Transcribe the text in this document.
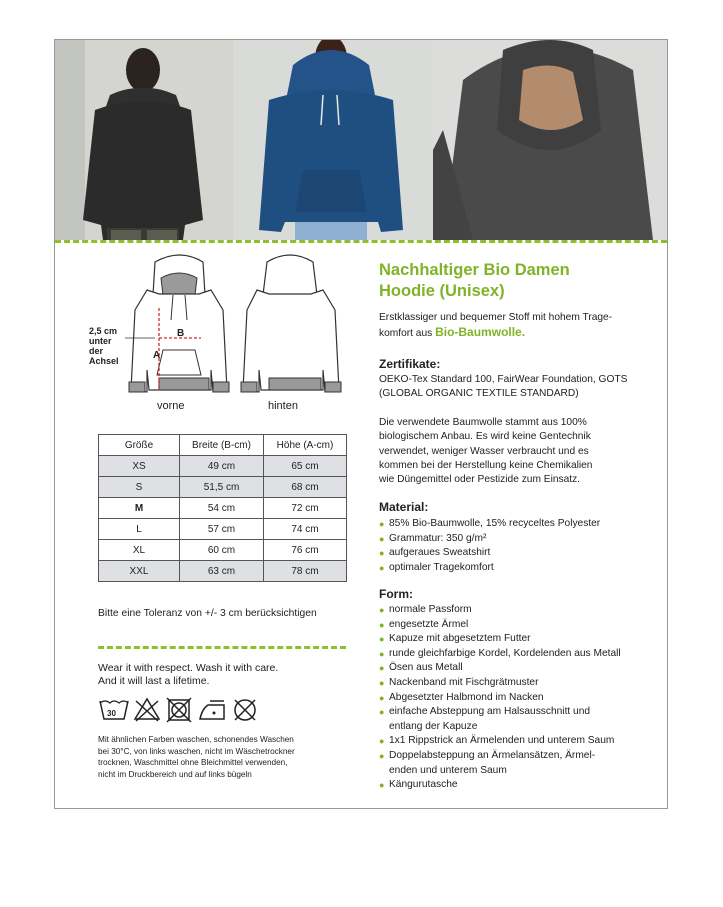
B
A
2,5 cm
unter
der
Achsel
vorne	hinten
Größe	Breite (B-cm)	Höhe (A-cm)
XS	49 cm	65 cm
S	51,5 cm	68 cm
M	54 cm	72 cm
L	57 cm	74 cm
XL	60 cm	76 cm
XXL	63 cm	78 cm
Bitte eine Toleranz von +/- 3 cm berücksichtigen
Wear it with respect. Wash it with care.
And it will last a lifetime.
30
Mit ähnlichen Farben waschen, schonendes Waschen
bei 30°C, von links waschen, nicht im Wäschetrockner
trocknen, Waschmittel ohne Bleichmittel verwenden,
nicht im Druckbereich und auf links bügeln
Nachhaltiger Bio Damen
Hoodie (Unisex)
Erstklassiger und bequemer Stoff mit hohem Trage-
komfort aus Bio-Baumwolle.
Zertifikate:
OEKO-Tex Standard 100, FairWear Foundation, GOTS
(GLOBAL ORGANIC TEXTILE STANDARD)
Die verwendete Baumwolle stammt aus 100%
biologischem Anbau. Es wird keine Gentechnik
verwendet, weniger Wasser verbraucht und es
kommen bei der Herstellung keine Chemikalien
wie Düngemittel oder Pestizide zum Einsatz.
Material:
● 85% Bio-Baumwolle, 15% recyceltes Polyester
● Grammatur: 350 g/m²
● aufgeraues Sweatshirt
● optimaler Tragekomfort
Form:
● normale Passform
● engesetzte Ärmel
● Kapuze mit abgesetztem Futter
● runde gleichfarbige Kordel, Kordelenden aus Metall
● Ösen aus Metall
● Nackenband mit Fischgrätmuster
● Abgesetzter Halbmond im Nacken
● einfache Absteppung am Halsausschnitt und
entlang der Kapuze
● 1x1 Rippstrick an Ärmelenden und unterem Saum
● Doppelabsteppung an Ärmelansätzen, Ärmel-
enden und unterem Saum
● Kängurutasche
